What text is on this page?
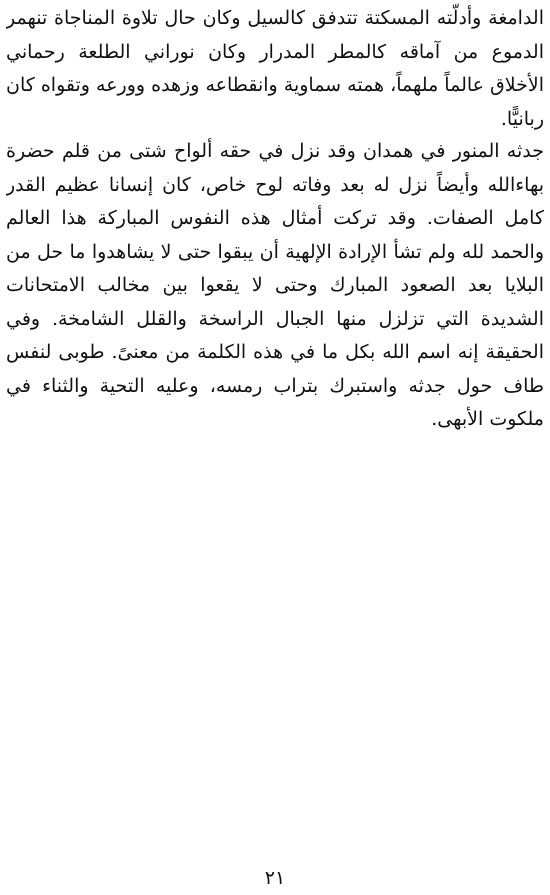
الدامغة وأدلّته المسكتة تتدفق كالسيل وكان حال تلاوة المناجاة تنهمر
الدموع من آماقه كالمطر المدرار وكان نوراني الطلعة رحماني
الأخلاق عالماً ملهماً، همته سماوية وانقطاعه وزهده وورعه وتقواه كان
ربانيًّا.
جدثه المنور في همدان وقد نزل في حقه ألواح شتى من قلم حضرة
بهاءالله وأيضاً نزل له بعد وفاته لوح خاص، كان إنسانا عظيم القدر
كامل الصفات. وقد تركت أمثال هذه النفوس المباركة هذا العالم
والحمد لله ولم تشأ الإرادة الإلهية أن يبقوا حتى لا يشاهدوا ما حل من
البلايا بعد الصعود المبارك وحتى لا يقعوا بين مخالب الامتحانات
الشديدة التي تزلزل منها الجبال الراسخة والقلل الشامخة. وفي
الحقيقة إنه اسم الله بكل ما في هذه الكلمة من معنىً. طوبى لنفس
طاف حول جدثه واستبرك بتراب رمسه، وعليه التحية والثناء في
ملكوت الأبهى.
٢١
